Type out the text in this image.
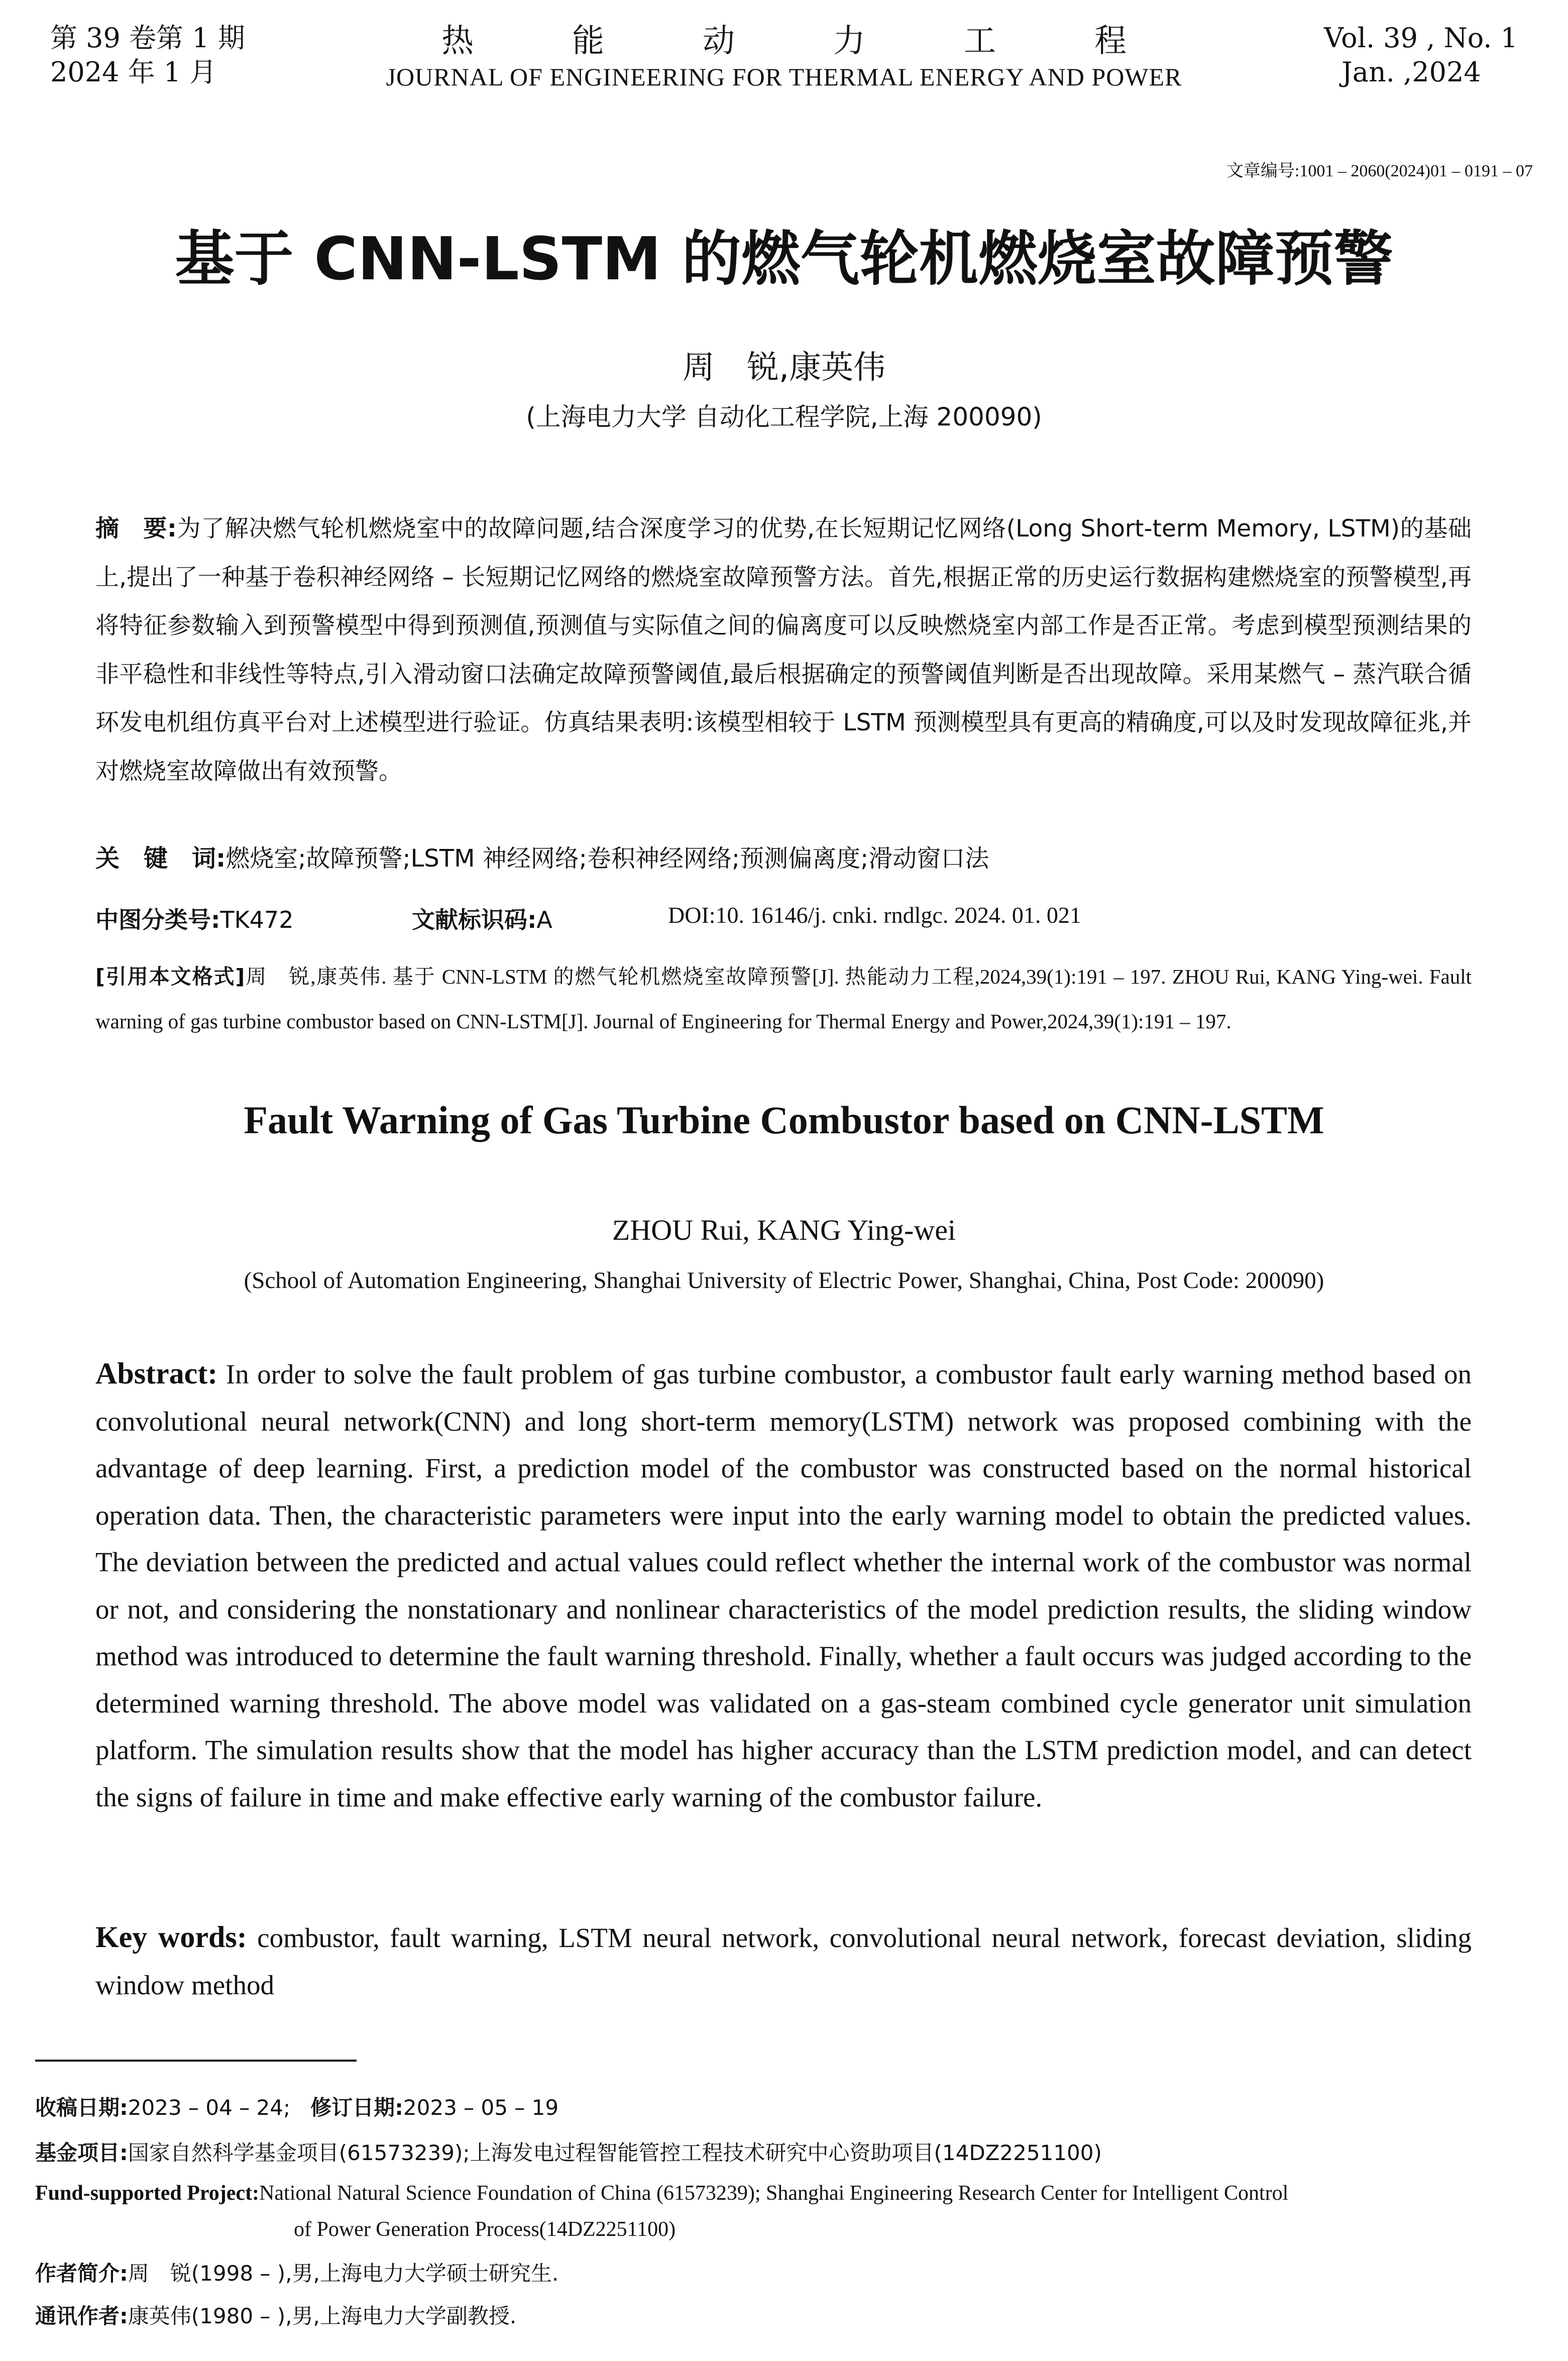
第 39 卷第 1 期
2024 年 1 月
热能动力工程
JOURNAL OF ENGINEERING FOR THERMAL ENERGY AND POWER
Vol. 39 , No. 1
Jan. ,2024
文章编号:1001 – 2060(2024)01 – 0191 – 07
基于 CNN-LSTM 的燃气轮机燃烧室故障预警
周　锐,康英伟
(上海电力大学 自动化工程学院,上海 200090)
摘　要:为了解决燃气轮机燃烧室中的故障问题,结合深度学习的优势,在长短期记忆网络(Long Short-term Memory, LSTM)的基础上,提出了一种基于卷积神经网络 – 长短期记忆网络的燃烧室故障预警方法。首先,根据正常的历史运行数据构建燃烧室的预警模型,再将特征参数输入到预警模型中得到预测值,预测值与实际值之间的偏离度可以反映燃烧室内部工作是否正常。考虑到模型预测结果的非平稳性和非线性等特点,引入滑动窗口法确定故障预警阈值,最后根据确定的预警阈值判断是否出现故障。采用某燃气 – 蒸汽联合循环发电机组仿真平台对上述模型进行验证。仿真结果表明:该模型相较于 LSTM 预测模型具有更高的精确度,可以及时发现故障征兆,并对燃烧室故障做出有效预警。
关　键　词:燃烧室;故障预警;LSTM 神经网络;卷积神经网络;预测偏离度;滑动窗口法
中图分类号:TK472	文献标识码:A	DOI:10. 16146/j. cnki. rndlgc. 2024. 01. 021
[引用本文格式]周　锐,康英伟. 基于 CNN-LSTM 的燃气轮机燃烧室故障预警[J]. 热能动力工程,2024,39(1):191 – 197. ZHOU Rui, KANG Ying-wei. Fault warning of gas turbine combustor based on CNN-LSTM[J]. Journal of Engineering for Thermal Energy and Power,2024,39(1):191 – 197.
Fault Warning of Gas Turbine Combustor based on CNN-LSTM
ZHOU Rui, KANG Ying-wei
(School of Automation Engineering, Shanghai University of Electric Power, Shanghai, China, Post Code: 200090)
Abstract: In order to solve the fault problem of gas turbine combustor, a combustor fault early warning method based on convolutional neural network(CNN) and long short-term memory(LSTM) network was proposed combining with the advantage of deep learning. First, a prediction model of the combustor was constructed based on the normal historical operation data. Then, the characteristic parameters were input into the early warning model to obtain the predicted values. The deviation between the predicted and actual values could reflect whether the internal work of the combustor was normal or not, and considering the nonstationary and nonlinear characteristics of the model prediction results, the sliding window method was introduced to determine the fault warning threshold. Finally, whether a fault occurs was judged according to the determined warning threshold. The above model was validated on a gas-steam combined cycle generator unit simulation platform. The simulation results show that the model has higher accuracy than the LSTM prediction model, and can detect the signs of failure in time and make effective early warning of the combustor failure.
Key words: combustor, fault warning, LSTM neural network, convolutional neural network, forecast deviation, sliding window method
收稿日期:2023 – 04 – 24; 修订日期:2023 – 05 – 19
基金项目:国家自然科学基金项目(61573239);上海发电过程智能管控工程技术研究中心资助项目(14DZ2251100)
Fund-supported Project:National Natural Science Foundation of China (61573239); Shanghai Engineering Research Center for Intelligent Control
of Power Generation Process(14DZ2251100)
作者简介:周　锐(1998 – ),男,上海电力大学硕士研究生.
通讯作者:康英伟(1980 – ),男,上海电力大学副教授.
